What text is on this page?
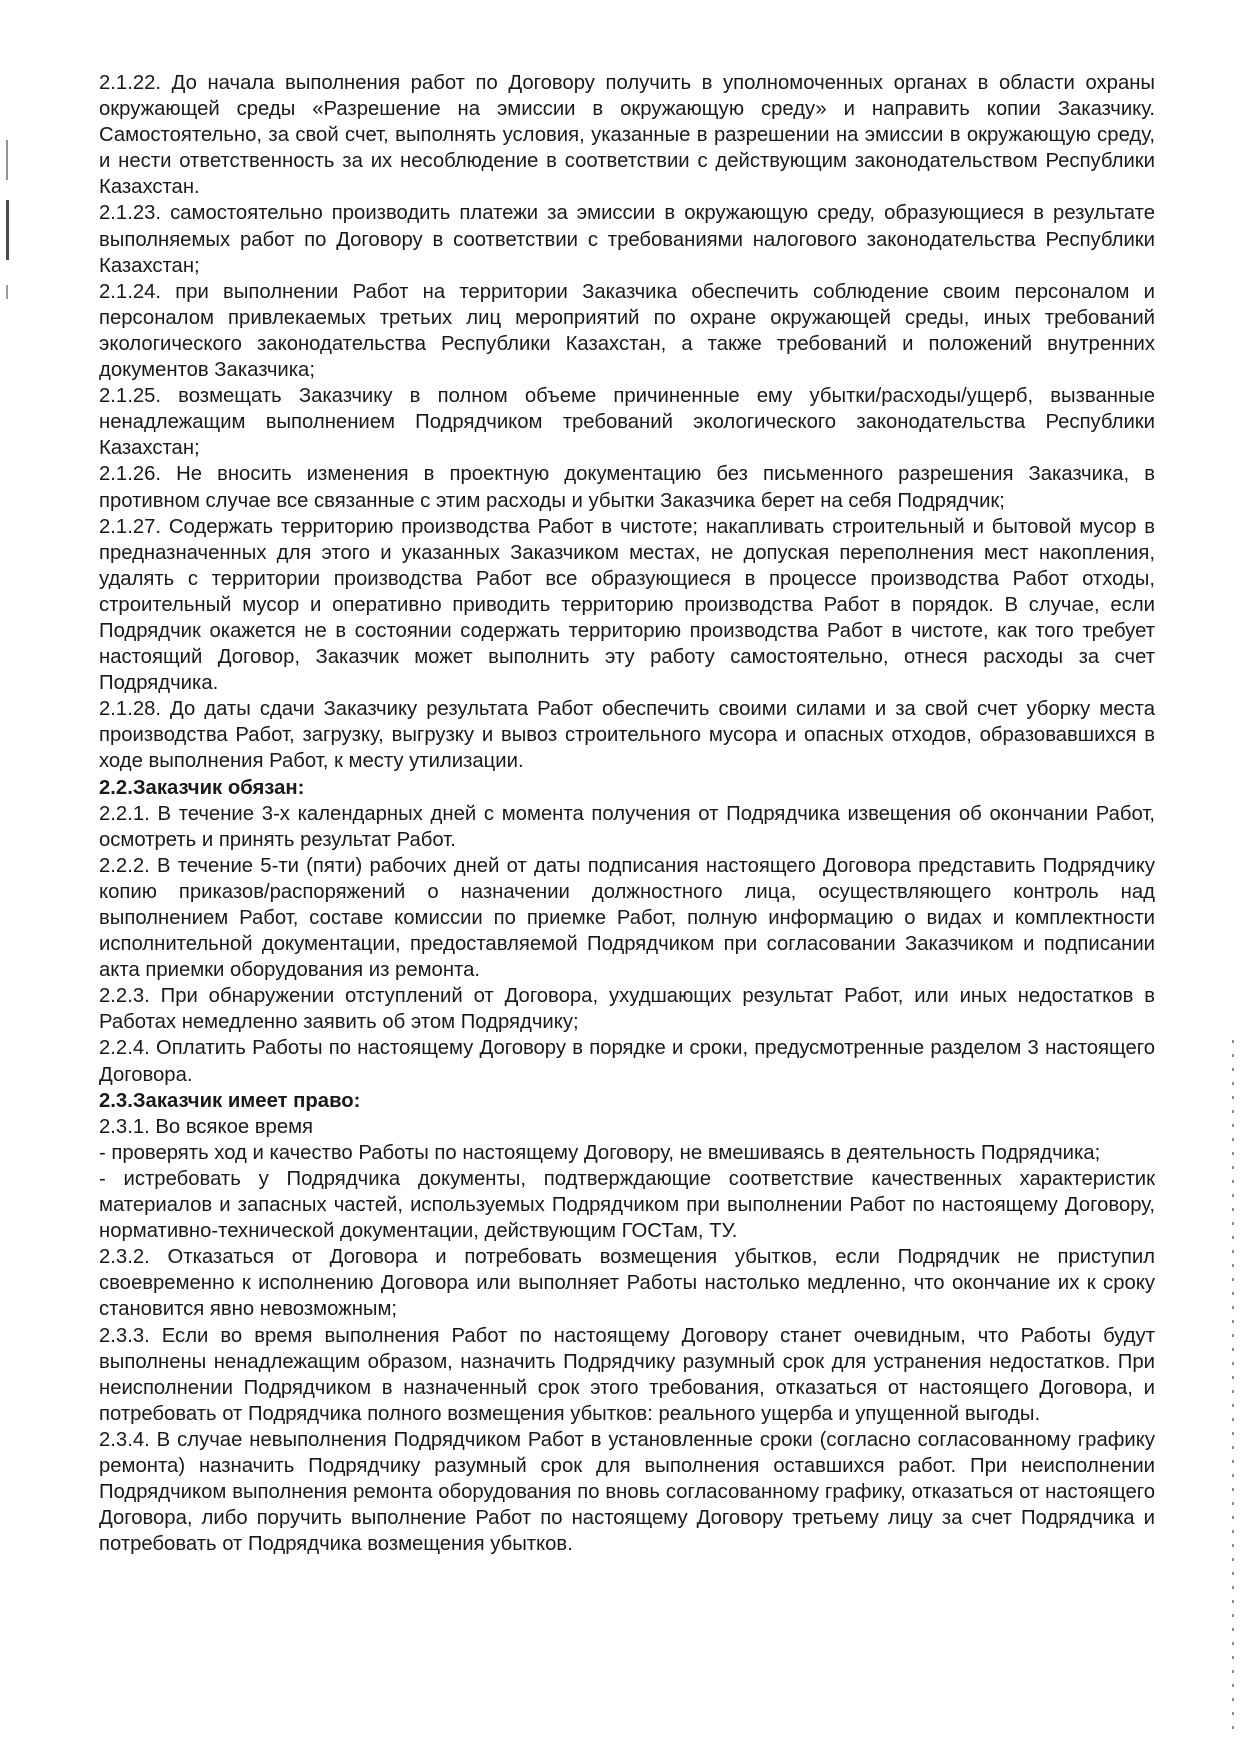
2.1.22. До начала выполнения работ по Договору получить в уполномоченных органах в области охраны окружающей среды «Разрешение на эмиссии в окружающую среду» и направить копии Заказчику. Самостоятельно, за свой счет, выполнять условия, указанные в разрешении на эмиссии в окружающую среду, и нести ответственность за их несоблюдение в соответствии с действующим законодательством Республики Казахстан.

2.1.23. самостоятельно производить платежи за эмиссии в окружающую среду, образующиеся в результате выполняемых работ по Договору в соответствии с требованиями налогового законодательства Республики Казахстан;

2.1.24. при выполнении Работ на территории Заказчика обеспечить соблюдение своим персоналом и персоналом привлекаемых третьих лиц мероприятий по охране окружающей среды, иных требований экологического законодательства Республики Казахстан, а также требований и положений внутренних документов Заказчика;

2.1.25. возмещать Заказчику в полном объеме причиненные ему убытки/расходы/ущерб, вызванные ненадлежащим выполнением Подрядчиком требований экологического законодательства Республики Казахстан;

2.1.26. Не вносить изменения в проектную документацию без письменного разрешения Заказчика, в противном случае все связанные с этим расходы и убытки Заказчика берет на себя Подрядчик;

2.1.27. Содержать территорию производства Работ в чистоте; накапливать строительный и бытовой мусор в предназначенных для этого и указанных Заказчиком местах, не допуская переполнения мест накопления, удалять с территории производства Работ все образующиеся в процессе производства Работ отходы, строительный мусор и оперативно приводить территорию производства Работ в порядок. В случае, если Подрядчик окажется не в состоянии содержать территорию производства Работ в чистоте, как того требует настоящий Договор, Заказчик может выполнить эту работу самостоятельно, отнеся расходы за счет Подрядчика.

2.1.28. До даты сдачи Заказчику результата Работ обеспечить своими силами и за свой счет уборку места производства Работ, загрузку, выгрузку и вывоз строительного мусора и опасных отходов, образовавшихся в ходе выполнения Работ, к месту утилизации.

2.2.Заказчик обязан:

2.2.1. В течение 3-х календарных дней с момента получения от Подрядчика извещения об окончании Работ, осмотреть и принять результат Работ.

2.2.2. В течение 5-ти (пяти) рабочих дней от даты подписания настоящего Договора представить Подрядчику копию приказов/распоряжений о назначении должностного лица, осуществляющего контроль над выполнением Работ, составе комиссии по приемке Работ, полную информацию о видах и комплектности исполнительной документации, предоставляемой Подрядчиком при согласовании Заказчиком и подписании акта приемки оборудования из ремонта.

2.2.3. При обнаружении отступлений от Договора, ухудшающих результат Работ, или иных недостатков в Работах немедленно заявить об этом Подрядчику;

2.2.4. Оплатить Работы по настоящему Договору в порядке и сроки, предусмотренные разделом 3 настоящего Договора.

2.3.Заказчик имеет право:

2.3.1. Во всякое время

- проверять ход и качество Работы по настоящему Договору, не вмешиваясь в деятельность Подрядчика;

- истребовать у Подрядчика документы, подтверждающие соответствие качественных характеристик материалов и запасных частей, используемых Подрядчиком при выполнении Работ по настоящему Договору, нормативно-технической документации, действующим ГОСТам, ТУ.

2.3.2. Отказаться от Договора и потребовать возмещения убытков, если Подрядчик не приступил своевременно к исполнению Договора или выполняет Работы настолько медленно, что окончание их к сроку становится явно невозможным;

2.3.3. Если во время выполнения Работ по настоящему Договору станет очевидным, что Работы будут выполнены ненадлежащим образом, назначить Подрядчику разумный срок для устранения недостатков. При неисполнении Подрядчиком в назначенный срок этого требования, отказаться от настоящего Договора, и потребовать от Подрядчика полного возмещения убытков: реального ущерба и упущенной выгоды.

2.3.4. В случае невыполнения Подрядчиком Работ в установленные сроки (согласно согласованному графику ремонта) назначить Подрядчику разумный срок для выполнения оставшихся работ. При неисполнении Подрядчиком выполнения ремонта оборудования по вновь согласованному графику, отказаться от настоящего Договора, либо поручить выполнение Работ по настоящему Договору третьему лицу за счет Подрядчика и потребовать от Подрядчика возмещения убытков.
